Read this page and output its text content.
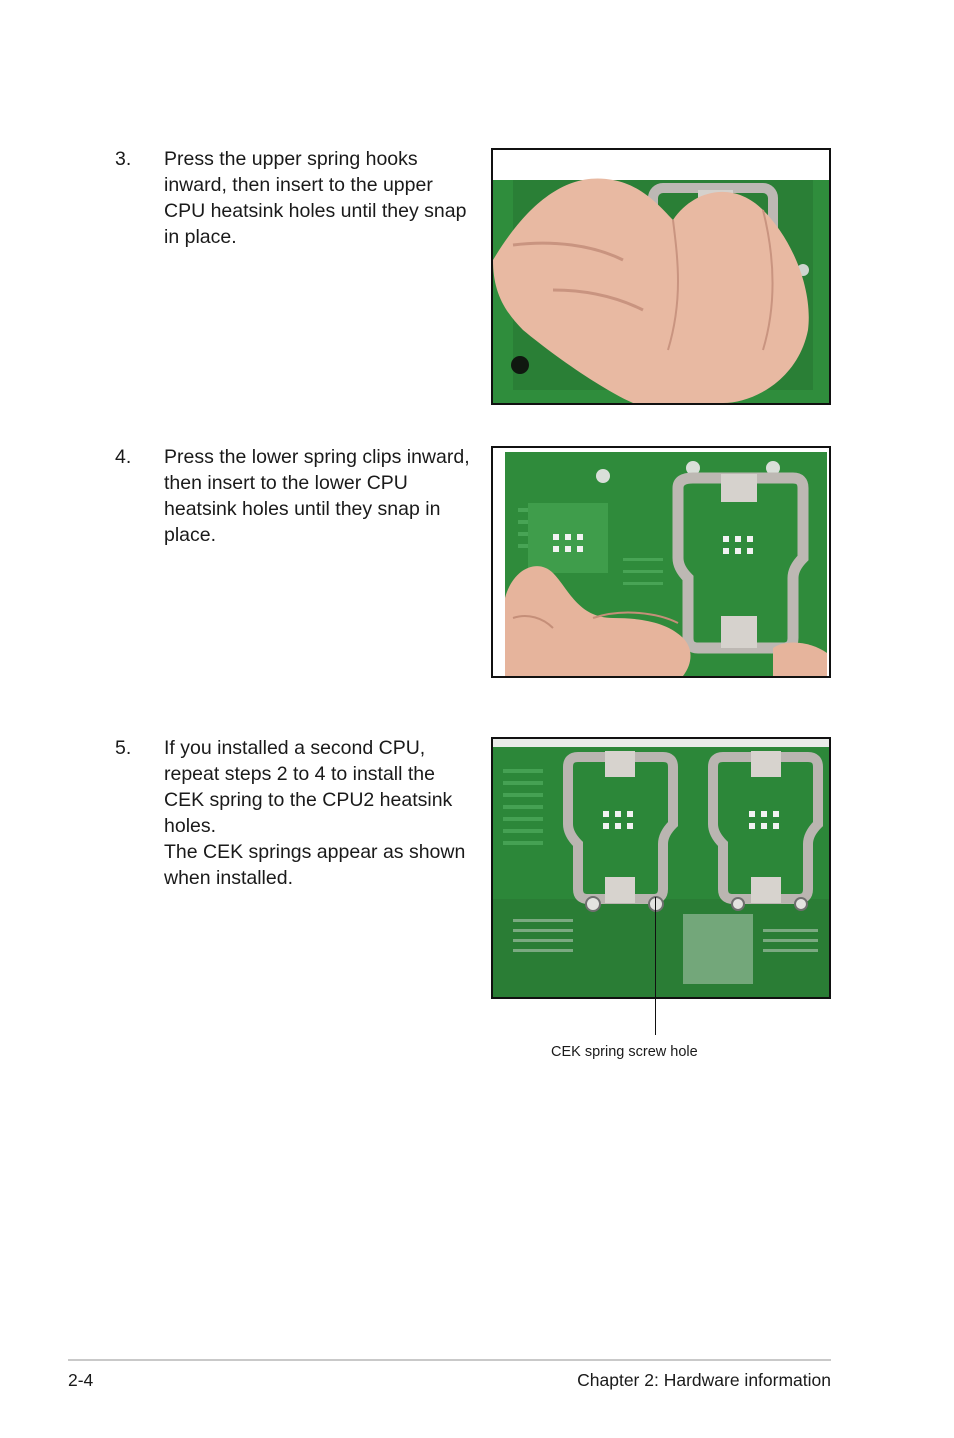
3. Press the upper spring hooks inward, then insert to the upper CPU heatsink holes until they snap in place.

4. Press the lower spring clips inward, then insert to the lower CPU heatsink holes until they snap in place.

5. If you installed a second CPU, repeat steps 2 to 4 to install the CEK spring to the CPU2 heatsink holes.

The CEK springs appear as shown when installed.

CEK spring screw hole
2-4	Chapter 2: Hardware information
